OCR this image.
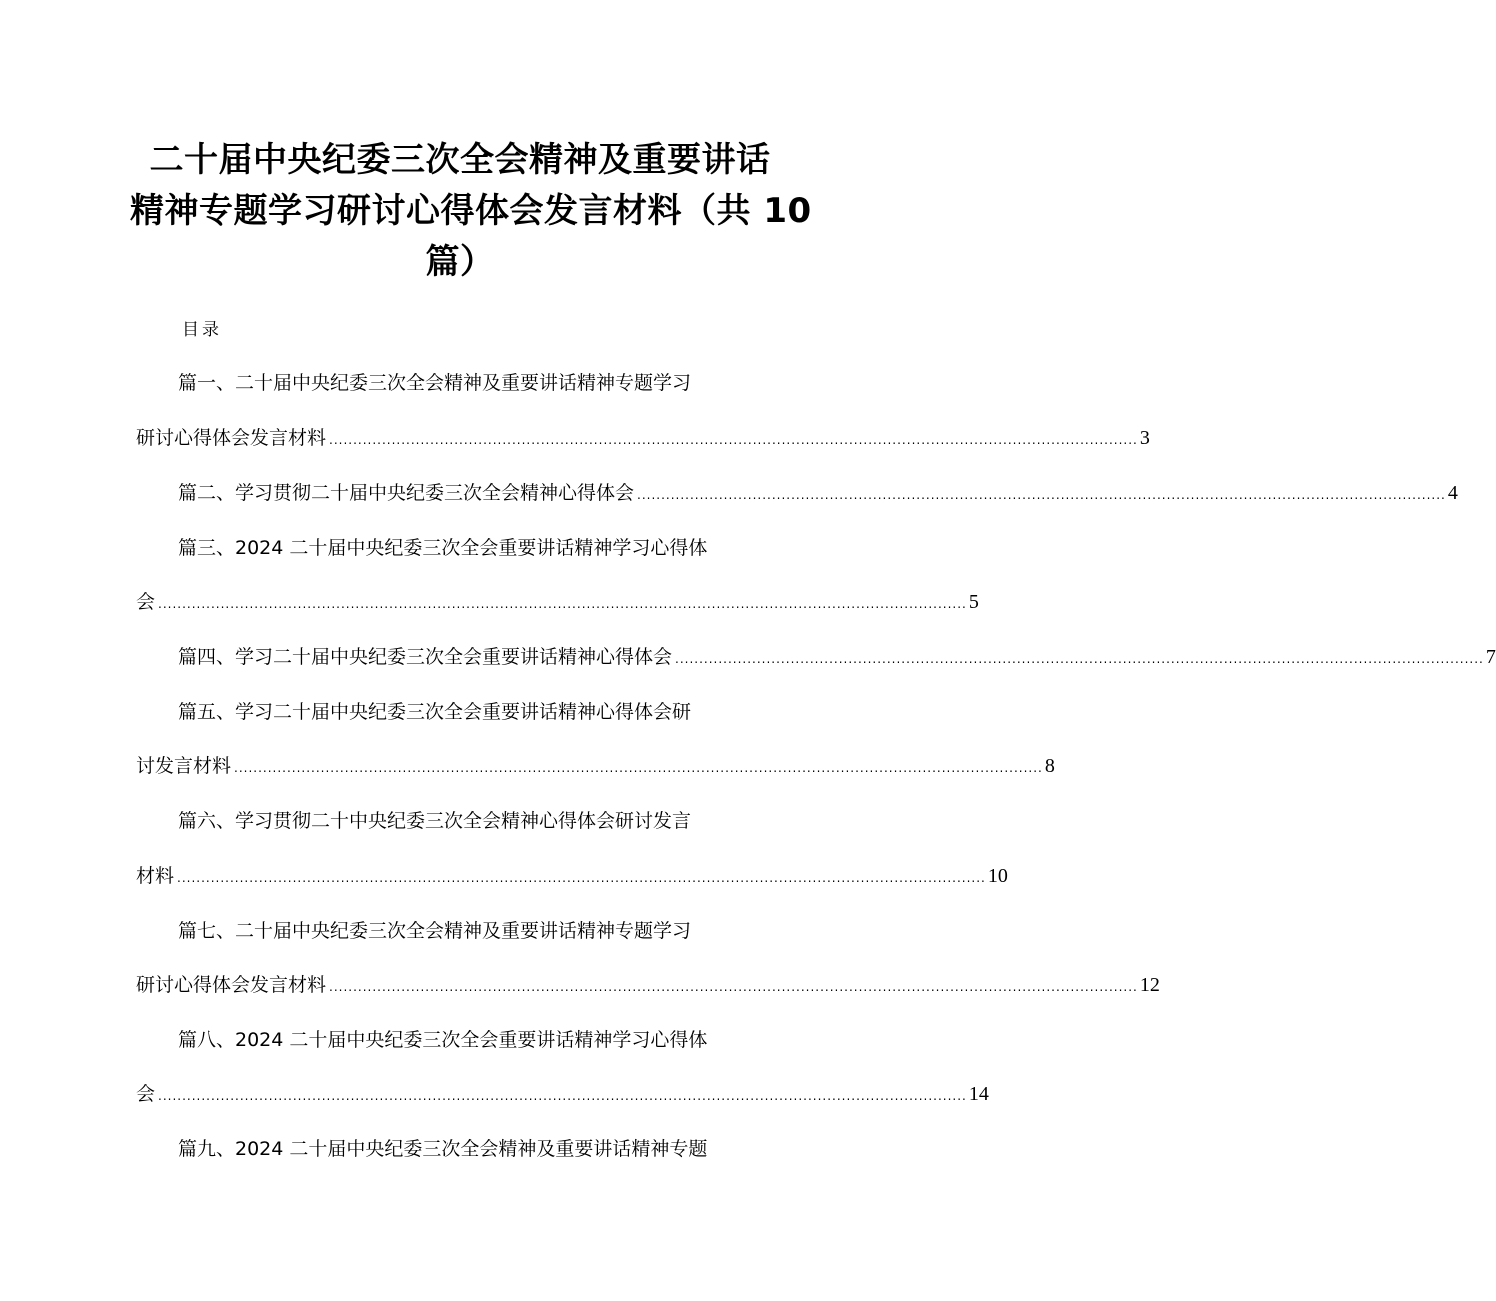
二十届中央纪委三次全会精神及重要讲话
精神专题学习研讨心得体会发言材料（共 10
篇）
目录
篇一、二十届中央纪委三次全会精神及重要讲话精神专题学习
研讨心得体会发言材料 ........................................................................................................................................................................ 3
篇二、学习贯彻二十届中央纪委三次全会精神心得体会 ........................................................................................................................................................................ 4
篇三、2024 二十届中央纪委三次全会重要讲话精神学习心得体
会 ........................................................................................................................................................................ 5
篇四、学习二十届中央纪委三次全会重要讲话精神心得体会 ........................................................................................................................................................................ 7
篇五、学习二十届中央纪委三次全会重要讲话精神心得体会研
讨发言材料 ........................................................................................................................................................................ 8
篇六、学习贯彻二十中央纪委三次全会精神心得体会研讨发言
材料 ........................................................................................................................................................................ 10
篇七、二十届中央纪委三次全会精神及重要讲话精神专题学习
研讨心得体会发言材料 ........................................................................................................................................................................ 12
篇八、2024 二十届中央纪委三次全会重要讲话精神学习心得体
会 ........................................................................................................................................................................ 14
篇九、2024 二十届中央纪委三次全会精神及重要讲话精神专题
